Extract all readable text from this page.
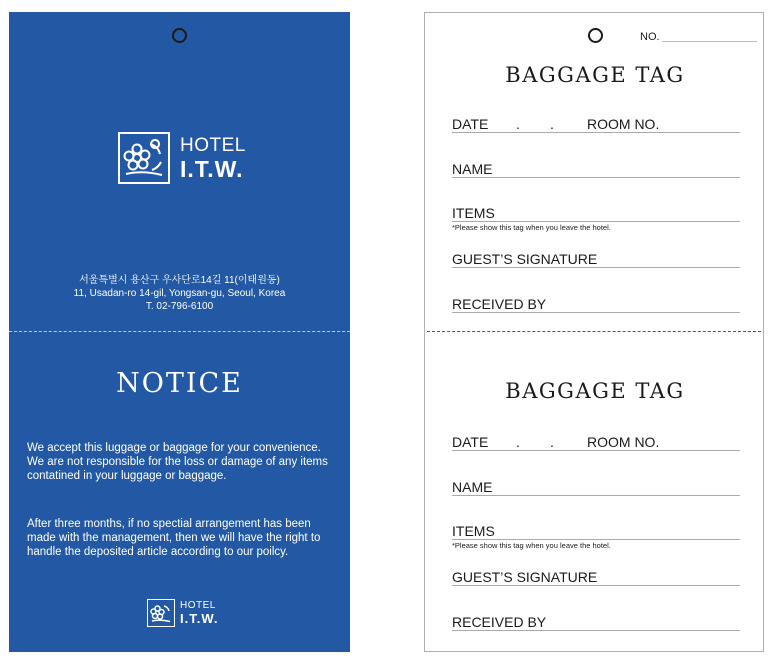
HOTEL
I.T.W.
서울특별시 용산구 우사단로14길 11(이태원동)
11, Usadan-ro 14-gil, Yongsan-gu, Seoul, Korea
T. 02-796-6100
NOTICE
We accept this luggage or baggage for your convenience.
We are not responsible for the loss or damage of any items
contatined in your luggage or baggage.
After three months, if no spectial arrangement has been
made with the management, then we will have the right to
handle the deposited article according to our poilcy.
HOTEL
I.T.W.
NO.
BAGGAGE TAG
DATE . . ROOM NO.
NAME
ITEMS
*Please show this tag when you leave the hotel.
GUEST’S SIGNATURE
RECEIVED BY
BAGGAGE TAG
DATE . . ROOM NO.
NAME
ITEMS
*Please show this tag when you leave the hotel.
GUEST’S SIGNATURE
RECEIVED BY
